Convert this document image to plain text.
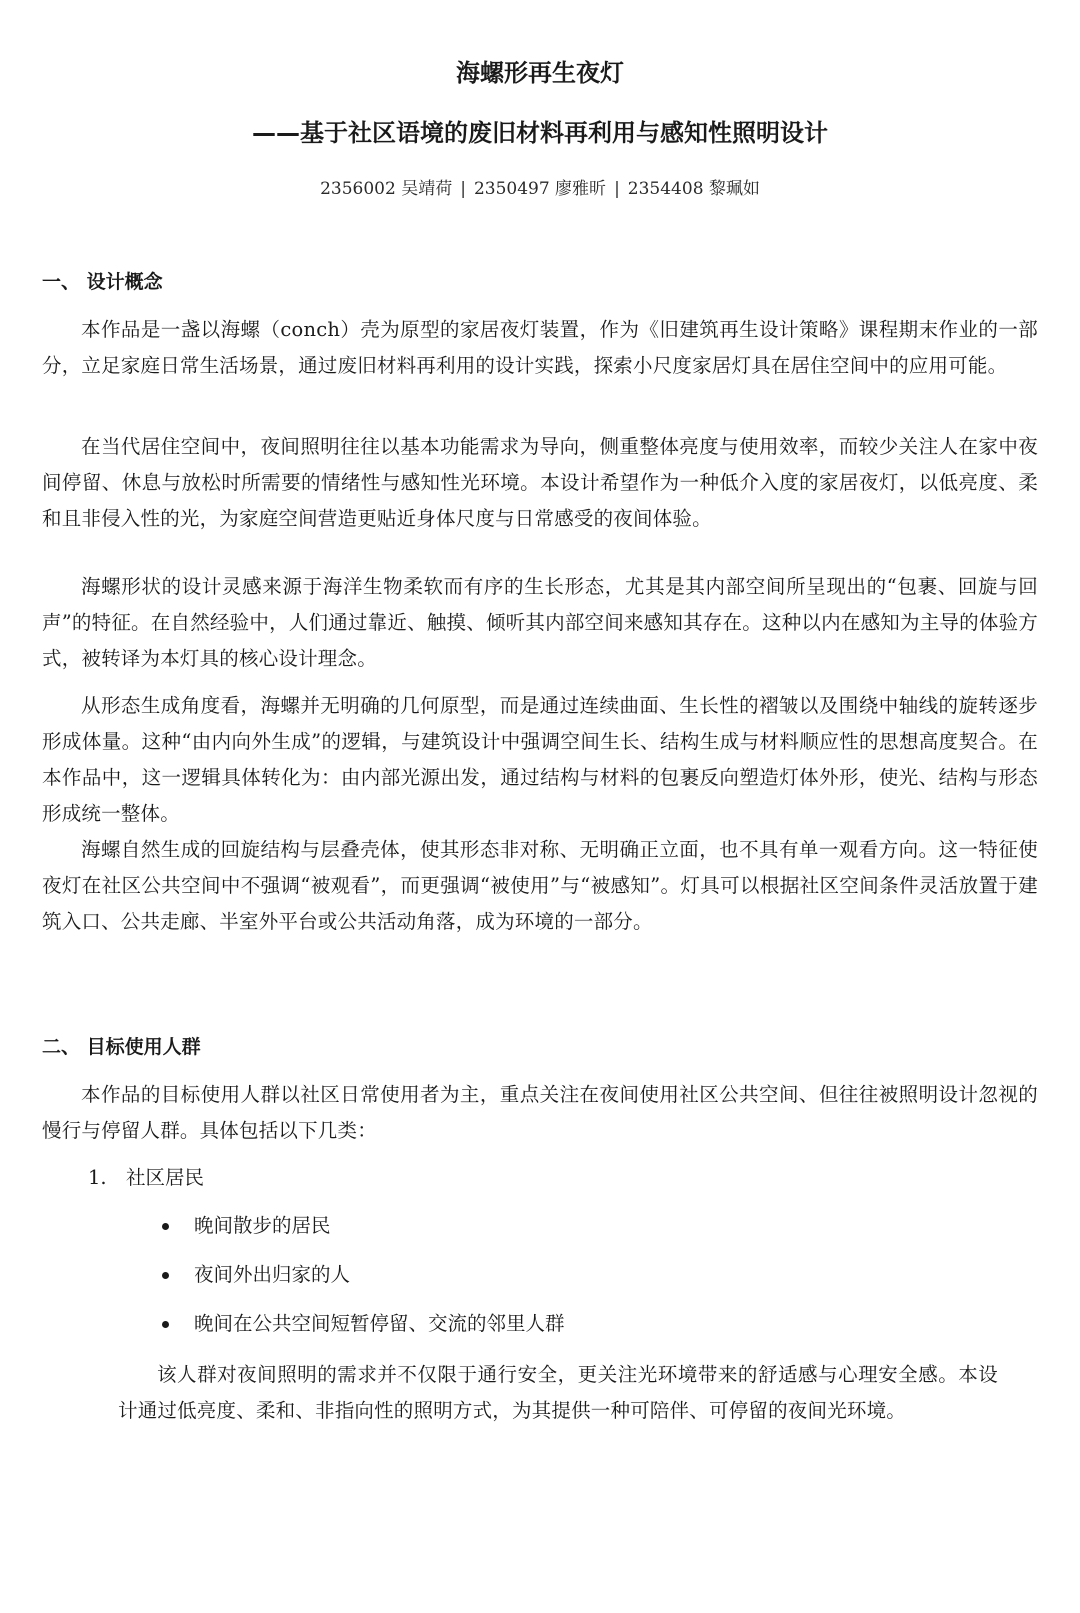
海螺形再生夜灯
——基于社区语境的废旧材料再利用与感知性照明设计
2356002 吴靖荷 | 2350497 廖雅昕 | 2354408 黎珮如
一、 设计概念

本作品是一盏以海螺（conch）壳为原型的家居夜灯装置，作为《旧建筑再生设计策略》课程期末作业的一部分，立足家庭日常生活场景，通过废旧材料再利用的设计实践，探索小尺度家居灯具在居住空间中的应用可能。

在当代居住空间中，夜间照明往往以基本功能需求为导向，侧重整体亮度与使用效率，而较少关注人在家中夜间停留、休息与放松时所需要的情绪性与感知性光环境。本设计希望作为一种低介入度的家居夜灯，以低亮度、柔和且非侵入性的光，为家庭空间营造更贴近身体尺度与日常感受的夜间体验。

海螺形状的设计灵感来源于海洋生物柔软而有序的生长形态，尤其是其内部空间所呈现出的“包裹、回旋与回声”的特征。在自然经验中，人们通过靠近、触摸、倾听其内部空间来感知其存在。这种以内在感知为主导的体验方式，被转译为本灯具的核心设计理念。

从形态生成角度看，海螺并无明确的几何原型，而是通过连续曲面、生长性的褶皱以及围绕中轴线的旋转逐步形成体量。这种“由内向外生成”的逻辑，与建筑设计中强调空间生长、结构生成与材料顺应性的思想高度契合。在本作品中，这一逻辑具体转化为：由内部光源出发，通过结构与材料的包裹反向塑造灯体外形，使光、结构与形态形成统一整体。

海螺自然生成的回旋结构与层叠壳体，使其形态非对称、无明确正立面，也不具有单一观看方向。这一特征使夜灯在社区公共空间中不强调“被观看”，而更强调“被使用”与“被感知”。灯具可以根据社区空间条件灵活放置于建筑入口、公共走廊、半室外平台或公共活动角落，成为环境的一部分。

二、 目标使用人群

本作品的目标使用人群以社区日常使用者为主，重点关注在夜间使用社区公共空间、但往往被照明设计忽视的慢行与停留人群。具体包括以下几类：

1. 社区居民
晚间散步的居民
夜间外出归家的人
晚间在公共空间短暂停留、交流的邻里人群

该人群对夜间照明的需求并不仅限于通行安全，更关注光环境带来的舒适感与心理安全感。本设计通过低亮度、柔和、非指向性的照明方式，为其提供一种可陪伴、可停留的夜间光环境。
